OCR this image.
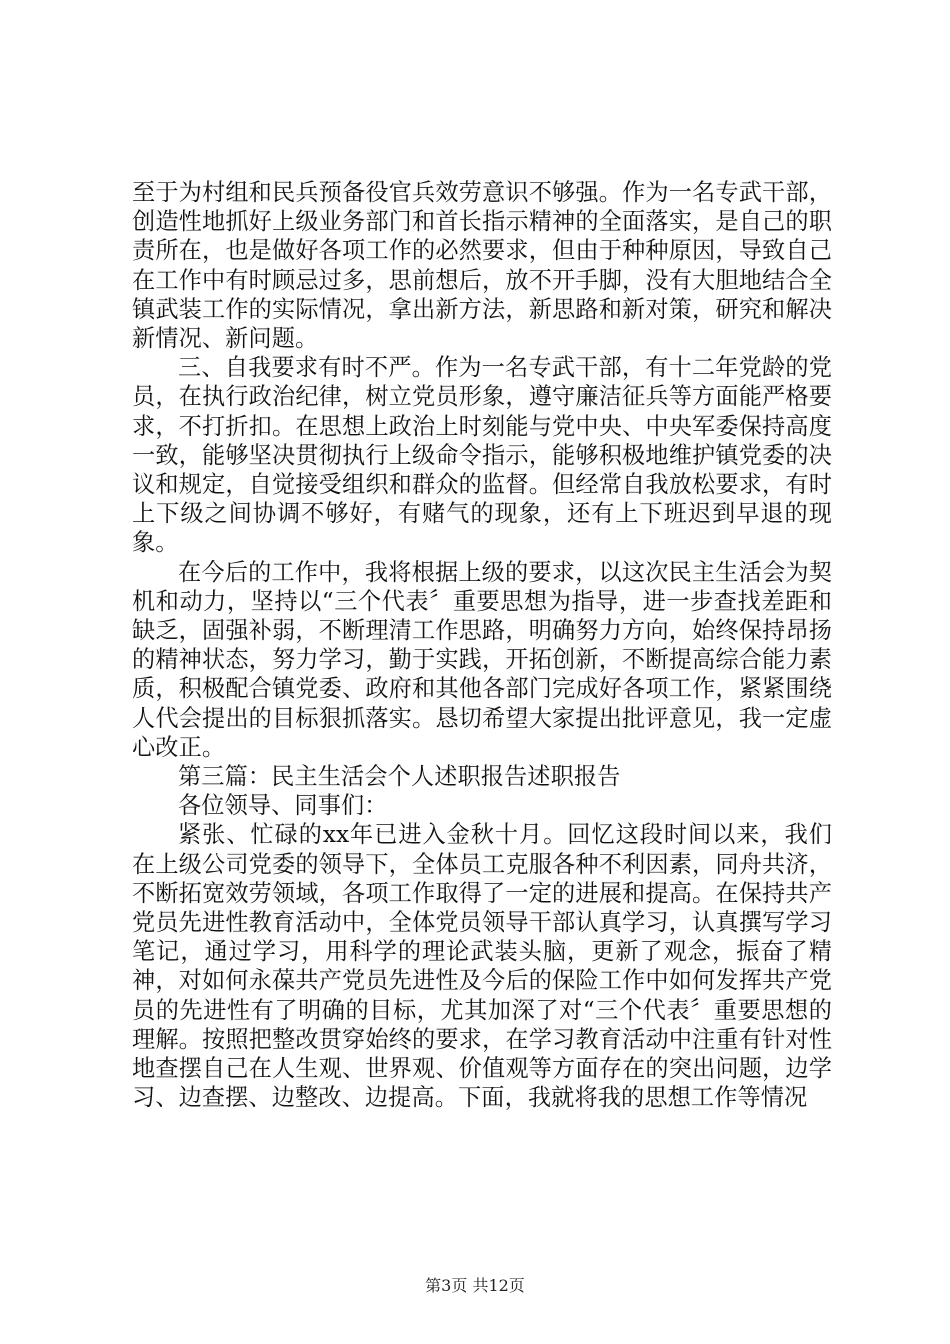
至于为村组和民兵预备役官兵效劳意识不够强。作为一名专武干部，创造性地抓好上级业务部门和首长指示精神的全面落实，是自己的职责所在，也是做好各项工作的必然要求，但由于种种原因，导致自己在工作中有时顾忌过多，思前想后，放不开手脚，没有大胆地结合全镇武装工作的实际情况，拿出新方法，新思路和新对策，研究和解决新情况、新问题。

三、自我要求有时不严。作为一名专武干部，有十二年党龄的党员，在执行政治纪律，树立党员形象，遵守廉洁征兵等方面能严格要求，不打折扣。在思想上政治上时刻能与党中央、中央军委保持高度一致，能够坚决贯彻执行上级命令指示，能够积极地维护镇党委的决议和规定，自觉接受组织和群众的监督。但经常自我放松要求，有时上下级之间协调不够好，有赌气的现象，还有上下班迟到早退的现象。

在今后的工作中，我将根据上级的要求，以这次民主生活会为契机和动力，坚持以“三个代表〞重要思想为指导，进一步查找差距和缺乏，固强补弱，不断理清工作思路，明确努力方向，始终保持昂扬的精神状态，努力学习，勤于实践，开拓创新，不断提高综合能力素质，积极配合镇党委、政府和其他各部门完成好各项工作，紧紧围绕人代会提出的目标狠抓落实。恳切希望大家提出批评意见，我一定虚心改正。

第三篇：民主生活会个人述职报告述职报告

各位领导、同事们：

紧张、忙碌的xx年已进入金秋十月。回忆这段时间以来，我们在上级公司党委的领导下，全体员工克服各种不利因素，同舟共济，不断拓宽效劳领域，各项工作取得了一定的进展和提高。在保持共产党员先进性教育活动中，全体党员领导干部认真学习，认真撰写学习笔记，通过学习，用科学的理论武装头脑，更新了观念，振奋了精神，对如何永葆共产党员先进性及今后的保险工作中如何发挥共产党员的先进性有了明确的目标，尤其加深了对“三个代表〞重要思想的理解。按照把整改贯穿始终的要求，在学习教育活动中注重有针对性地查摆自己在人生观、世界观、价值观等方面存在的突出问题，边学习、边查摆、边整改、边提高。下面，我就将我的思想工作等情况

第3页 共12页
